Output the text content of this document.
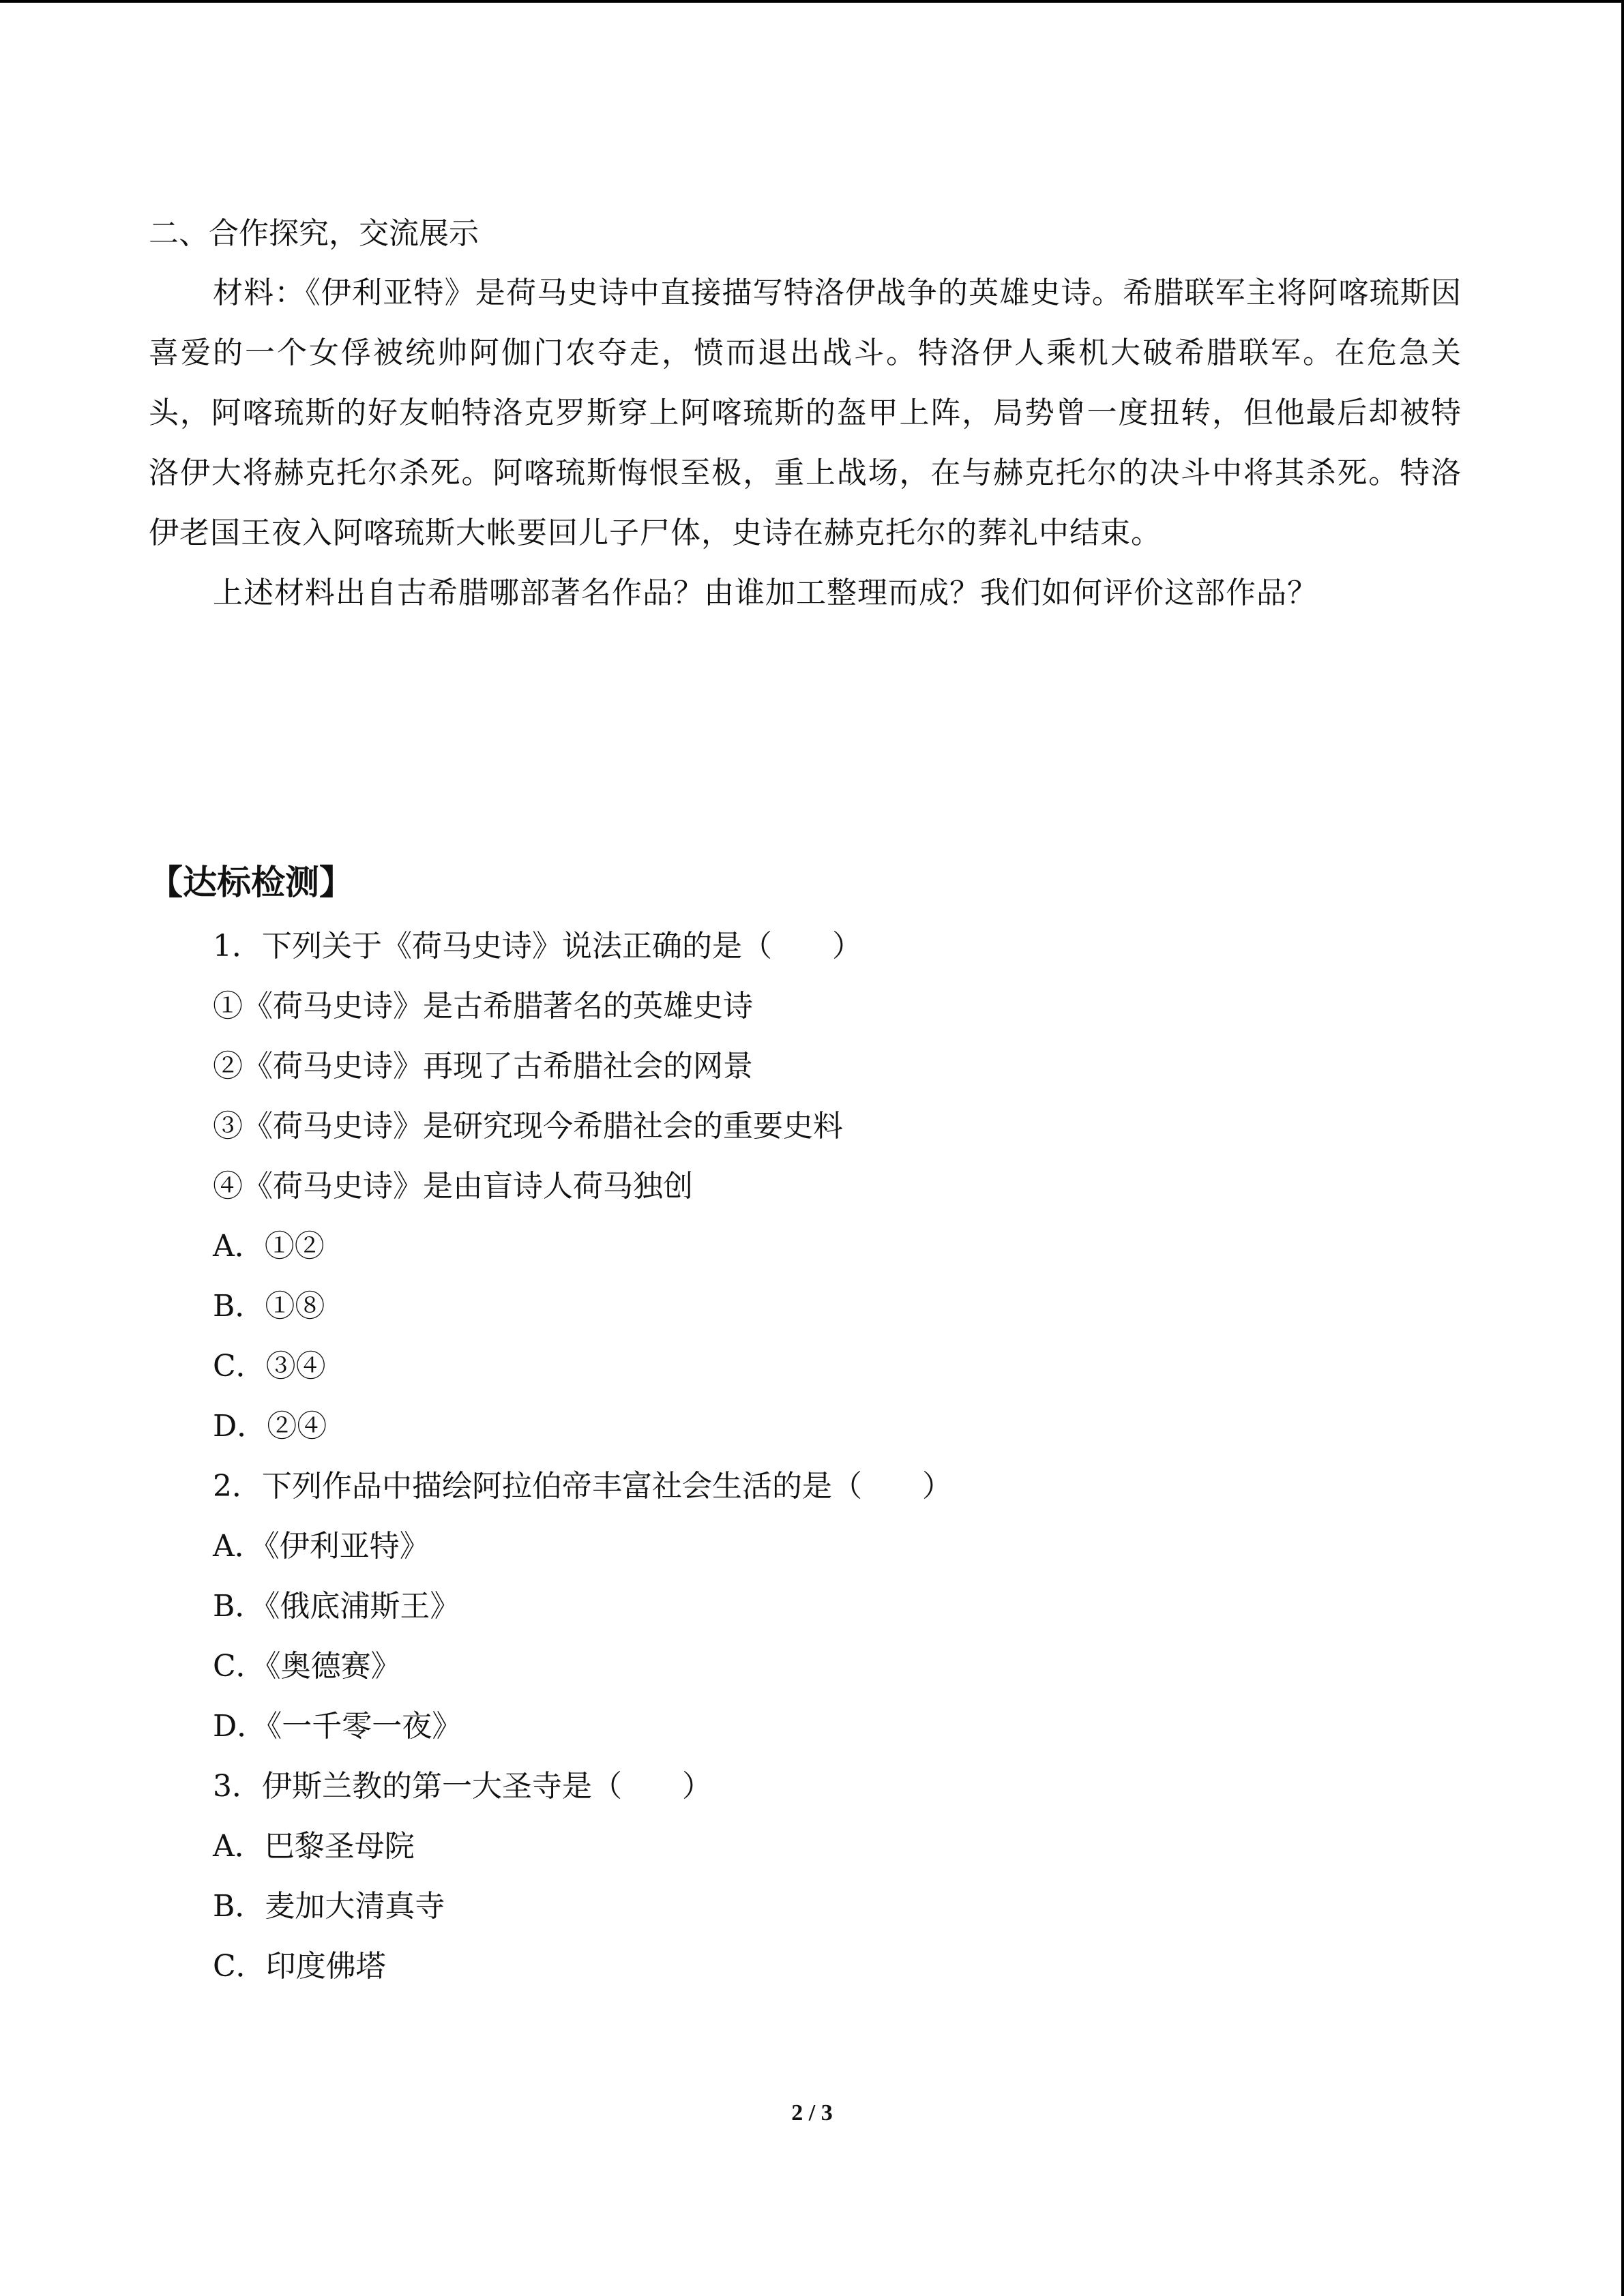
二、合作探究，交流展示

材料：《伊利亚特》是荷马史诗中直接描写特洛伊战争的英雄史诗。希腊联军主将阿喀琉斯因喜爱的一个女俘被统帅阿伽门农夺走，愤而退出战斗。特洛伊人乘机大破希腊联军。在危急关头，阿喀琉斯的好友帕特洛克罗斯穿上阿喀琉斯的盔甲上阵，局势曾一度扭转，但他最后却被特洛伊大将赫克托尔杀死。阿喀琉斯悔恨至极，重上战场，在与赫克托尔的决斗中将其杀死。特洛伊老国王夜入阿喀琉斯大帐要回儿子尸体，史诗在赫克托尔的葬礼中结束。

上述材料出自古希腊哪部著名作品？由谁加工整理而成？我们如何评价这部作品？

【达标检测】

1．下列关于《荷马史诗》说法正确的是（　　）

①《荷马史诗》是古希腊著名的英雄史诗

②《荷马史诗》再现了古希腊社会的网景

③《荷马史诗》是研究现今希腊社会的重要史料

④《荷马史诗》是由盲诗人荷马独创

A．①②

B．①⑧

C．③④

D．②④

2．下列作品中描绘阿拉伯帝丰富社会生活的是（　　）

A．《伊利亚特》

B．《俄底浦斯王》

C．《奥德赛》

D．《一千零一夜》

3．伊斯兰教的第一大圣寺是（　　）

A．巴黎圣母院

B．麦加大清真寺

C．印度佛塔

2 / 3
